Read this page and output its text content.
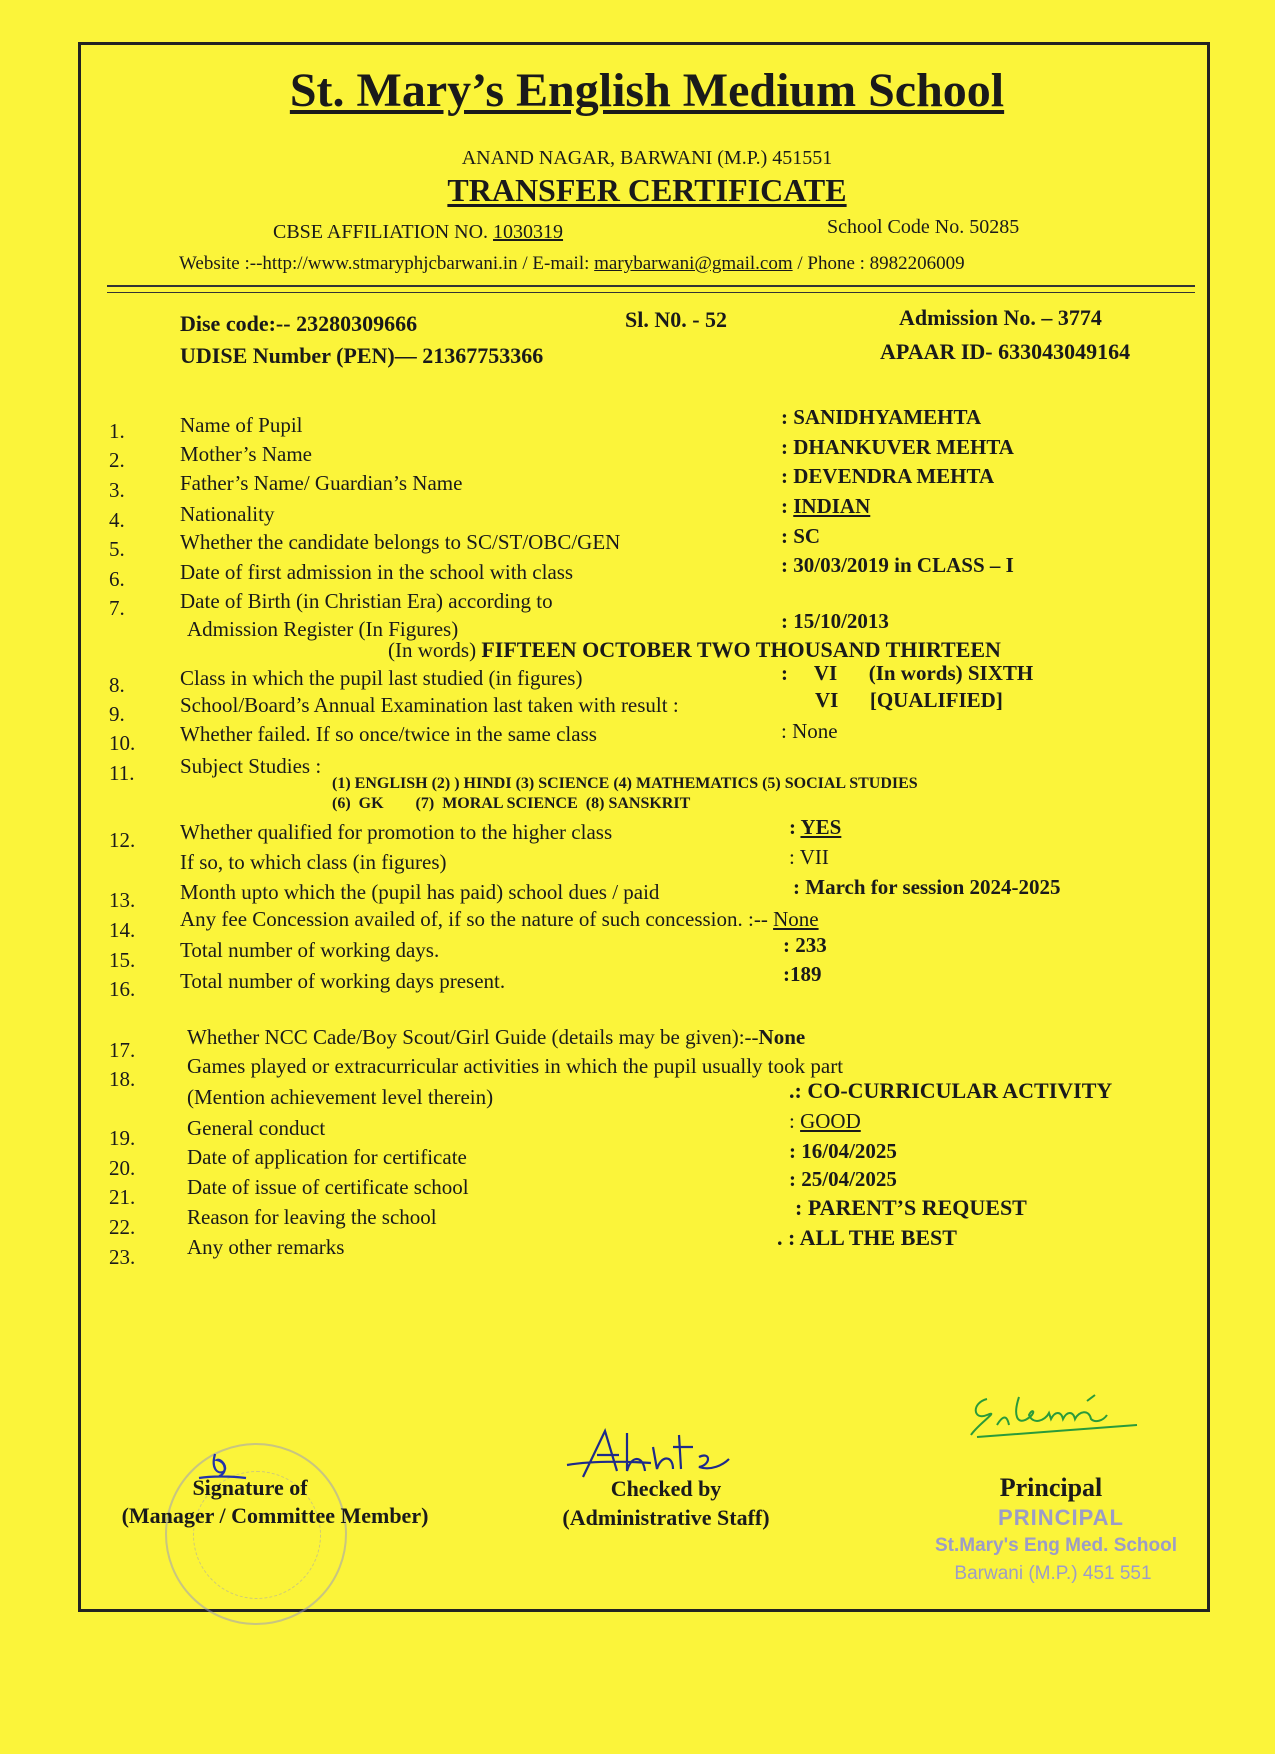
St. Mary’s English Medium School
ANAND NAGAR, BARWANI (M.P.) 451551
TRANSFER CERTIFICATE
CBSE AFFILIATION NO. 1030319	School Code No. 50285
Website :--http://www.stmaryphjcbarwani.in / E-mail: marybarwani@gmail.com / Phone : 8982206009
Dise code:-- 23280309666	Sl. N0. - 52	Admission No. – 3774
UDISE Number (PEN)— 21367753366	APAAR ID- 633043049164
1.	Name of Pupil	: SANIDHYAMEHTA
2.	Mother’s Name	: DHANKUVER MEHTA
3.	Father’s Name/ Guardian’s Name	: DEVENDRA MEHTA
4.	Nationality	: INDIAN
5.	Whether the candidate belongs to SC/ST/OBC/GEN	: SC
6.	Date of first admission in the school with class	: 30/03/2019 in CLASS – I
7.	Date of Birth (in Christian Era) according to
Admission Register (In Figures)	: 15/10/2013
(In words) FIFTEEN OCTOBER TWO THOUSAND THIRTEEN
8.	Class in which the pupil last studied (in figures)	:     VI      (In words) SIXTH
9.	School/Board’s Annual Examination last taken with result :	VI      [QUALIFIED]
10. Whether failed. If so once/twice in the same class	: None
11. Subject Studies :
(1) ENGLISH (2) ) HINDI (3) SCIENCE (4) MATHEMATICS (5) SOCIAL STUDIES
(6)  GK        (7)  MORAL SCIENCE  (8) SANSKRIT
12. Whether qualified for promotion to the higher class	: YES
If so, to which class (in figures)	: VII
13. Month upto which the (pupil has paid) school dues / paid	: March for session 2024-2025
14. Any fee Concession availed of, if so the nature of such concession. :-- None
15. Total number of working days.	: 233
16. Total number of working days present.	:189
17.
Whether NCC Cade/Boy Scout/Girl Guide (details may be given):--None
18.
Games played or extracurricular activities in which the pupil usually took part
(Mention achievement level therein)	.: CO-CURRICULAR ACTIVITY
19. General conduct	: GOOD
20. Date of application for certificate	: 16/04/2025
21. Date of issue of certificate school	: 25/04/2025
22. Reason for leaving the school	: PARENT’S REQUEST
23. Any other remarks	. : ALL THE BEST
Signature of
(Manager / Committee Member)
Checked by
(Administrative Staff)
Principal
PRINCIPAL
St.Mary's Eng Med. School
Barwani (M.P.) 451 551
